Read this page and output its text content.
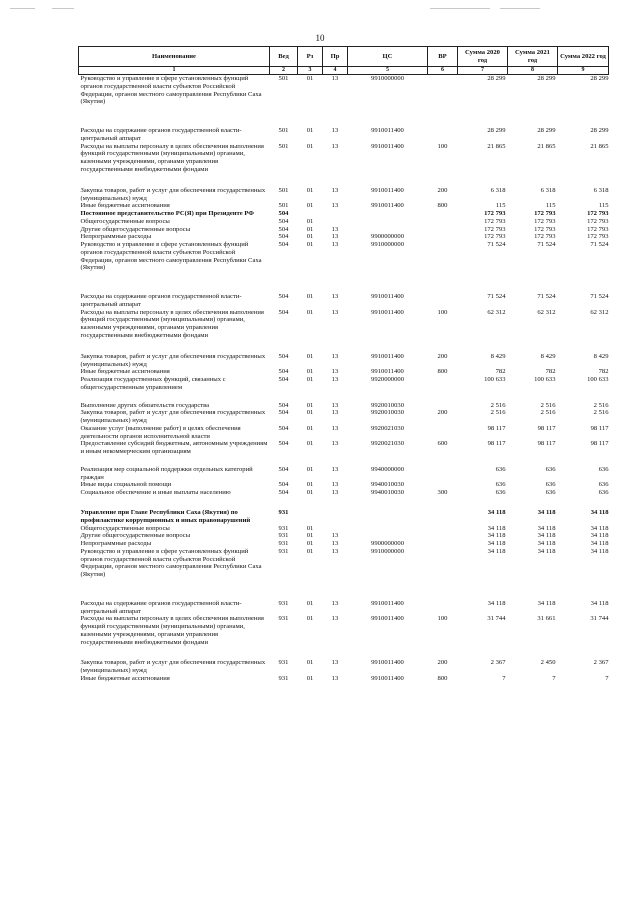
10
Наименование	Вед	Рз	Пр	ЦС	ВР	Сумма 2020 год	Сумма 2021 год	Сумма 2022 год
1	2	3	4	5	6	7	8	9
Руководство и управление в сфере установленных функций органов государственной власти субъектов Российской Федерации, органов местного самоуправления Республики Саха (Якутия)	501	01	13	9910000000		28 299	28 299	28 299
Расходы на содержание органов государственной власти- центральный аппарат	501	01	13	9910011400		28 299	28 299	28 299
Расходы на выплаты персоналу в целях обеспечения выполнения функций государственными (муниципальными) органами, казенными учреждениями, органами управления государственными внебюджетными фондами	501	01	13	9910011400	100	21 865	21 865	21 865
Закупка товаров, работ и услуг для обеспечения государственных (муниципальных) нужд	501	01	13	9910011400	200	6 318	6 318	6 318
Иные бюджетные ассигнования	501	01	13	9910011400	800	115	115	115
Постоянное представительство РС(Я) при Президенте РФ	504					172 793	172 793	172 793
Общегосударственные вопросы	504	01				172 793	172 793	172 793
Другие общегосударственные вопросы	504	01	13			172 793	172 793	172 793
Непрограммные расходы	504	01	13	9900000000		172 793	172 793	172 793
Руководство и управление в сфере установленных функций органов государственной власти субъектов Российской Федерации, органов местного самоуправления Республики Саха (Якутия)	504	01	13	9910000000		71 524	71 524	71 524
Расходы на содержание органов государственной власти- центральный аппарат	504	01	13	9910011400		71 524	71 524	71 524
Расходы на выплаты персоналу в целях обеспечения выполнения функций государственными (муниципальными) органами, казенными учреждениями, органами управления государственными внебюджетными фондами	504	01	13	9910011400	100	62 312	62 312	62 312
Закупка товаров, работ и услуг для обеспечения государственных (муниципальных) нужд	504	01	13	9910011400	200	8 429	8 429	8 429
Иные бюджетные ассигнования	504	01	13	9910011400	800	782	782	782
Реализация государственных функций, связанных с общегосударственным управлением	504	01	13	9920000000		100 633	100 633	100 633
Выполнение других обязательств государства	504	01	13	9920010030		2 516	2 516	2 516
Закупка товаров, работ и услуг для обеспечения государственных (муниципальных) нужд	504	01	13	9920010030	200	2 516	2 516	2 516
Оказание услуг (выполнение работ) в целях обеспечения деятельности органов исполнительной власти	504	01	13	9920021030		98 117	98 117	98 117
Предоставление субсидий бюджетным, автономным учреждениям и иным некоммерческим организациям	504	01	13	9920021030	600	98 117	98 117	98 117
Реализация мер социальной поддержки отдельных категорий граждан	504	01	13	9940000000		636	636	636
Иные виды социальной помощи	504	01	13	9940010030		636	636	636
Социальное обеспечение и иные выплаты населению	504	01	13	9940010030	300	636	636	636
Управление при Главе Республики Саха (Якутия) по профилактике коррупционных и иных правонарушений	931					34 118	34 118	34 118
Общегосударственные вопросы	931	01				34 118	34 118	34 118
Другие общегосударственные вопросы	931	01	13			34 118	34 118	34 118
Непрограммные расходы	931	01	13	9900000000		34 118	34 118	34 118
Руководство и управление в сфере установленных функций органов государственной власти субъектов Российской Федерации, органов местного самоуправления Республики Саха (Якутия)	931	01	13	9910000000		34 118	34 118	34 118
Расходы на содержание органов государственной власти- центральный аппарат	931	01	13	9910011400		34 118	34 118	34 118
Расходы на выплаты персоналу в целях обеспечения выполнения функций государственными (муниципальными) органами, казенными учреждениями, органами управления государственными внебюджетными фондами	931	01	13	9910011400	100	31 744	31 661	31 744
Закупка товаров, работ и услуг для обеспечения государственных (муниципальных) нужд	931	01	13	9910011400	200	2 367	2 450	2 367
Иные бюджетные ассигнования	931	01	13	9910011400	800	7	7	7
